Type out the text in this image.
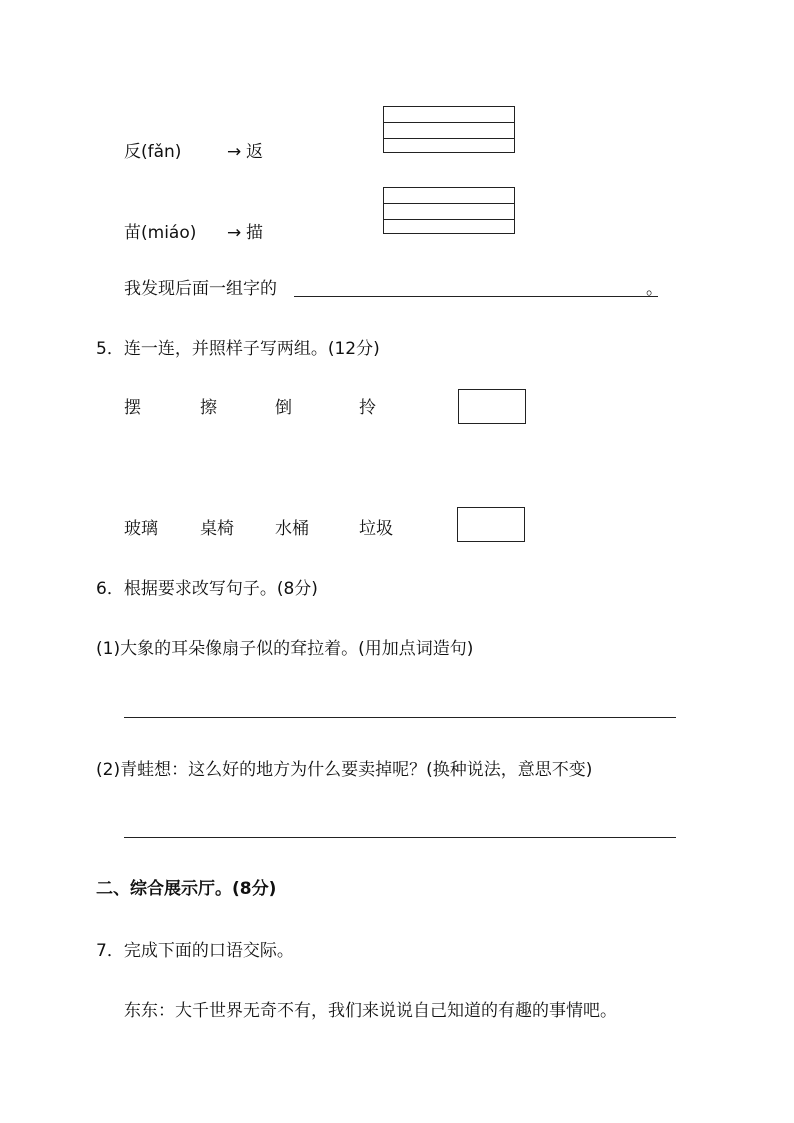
反(fǎn)	→ 返
苗(miáo) → 描
我发现后面一组字的	。
5．连一连，并照样子写两组。(12分)
摆	擦	倒	拎
玻璃 桌椅 水桶	垃圾
6．根据要求改写句子。(8分)
(1)大象的耳朵像扇子似的耷拉着。(用加点词造句)
(2)青蛙想：这么好的地方为什么要卖掉呢？(换种说法，意思不变)
二、综合展示厅。(8分)
7．完成下面的口语交际。
东东：大千世界无奇不有，我们来说说自己知道的有趣的事情吧。
